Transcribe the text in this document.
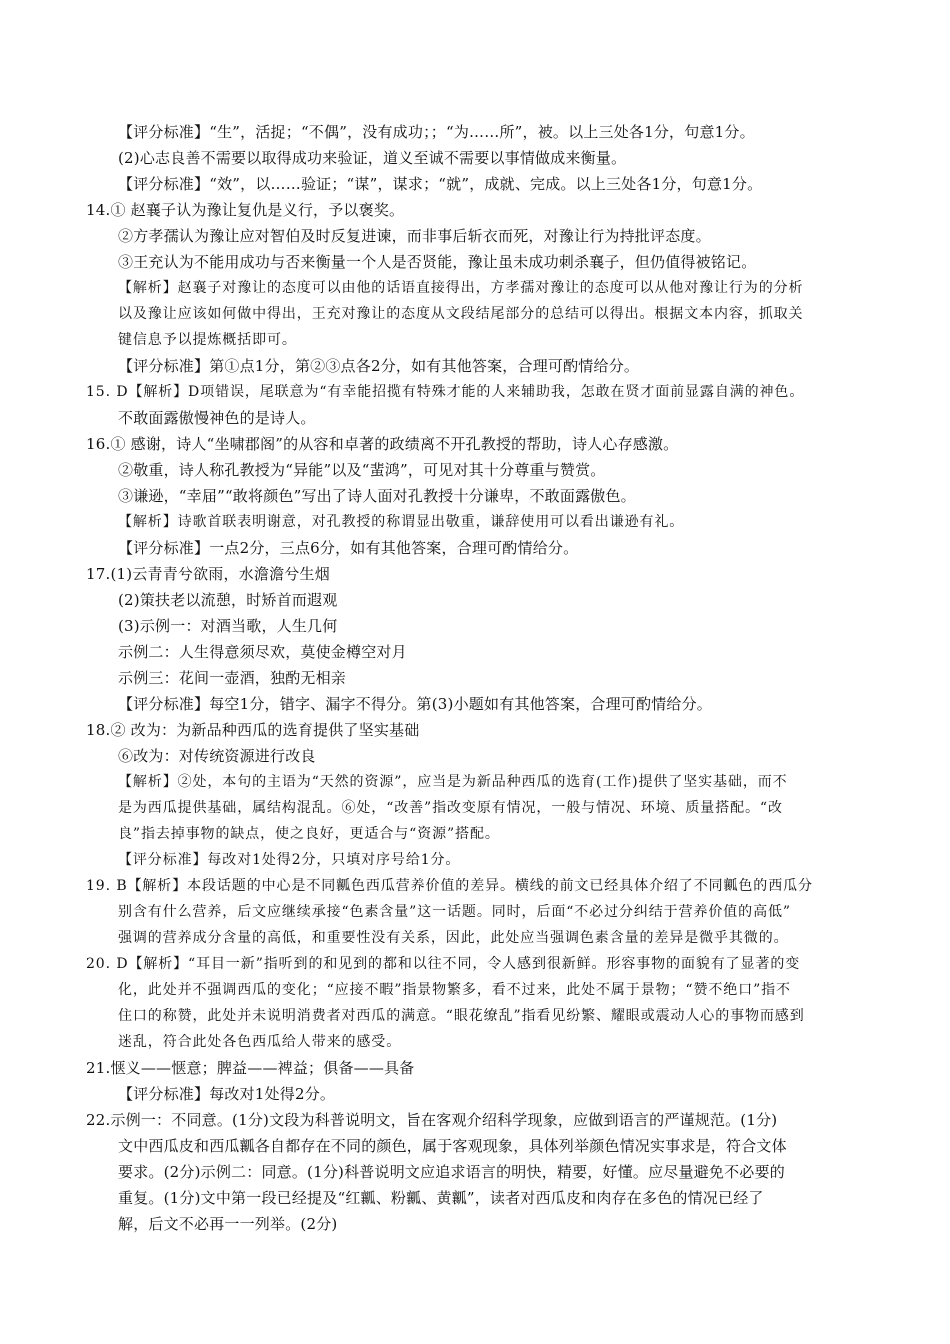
【评分标准】“生”，活捉；“不偶”，没有成功；；“为……所”，被。以上三处各1分，句意1分。
(2)心志良善不需要以取得成功来验证，道义至诚不需要以事情做成来衡量。
【评分标准】“效”，以……验证；“谋”，谋求；“就”，成就、完成。以上三处各1分，句意1分。
14.① 赵襄子认为豫让复仇是义行，予以褒奖。
②方孝孺认为豫让应对智伯及时反复进谏，而非事后斩衣而死，对豫让行为持批评态度。
③王充认为不能用成功与否来衡量一个人是否贤能，豫让虽未成功刺杀襄子，但仍值得被铭记。
【解析】赵襄子对豫让的态度可以由他的话语直接得出，方孝孺对豫让的态度可以从他对豫让行为的分析
以及豫让应该如何做中得出，王充对豫让的态度从文段结尾部分的总结可以得出。根据文本内容，抓取关
键信息予以提炼概括即可。
【评分标准】第①点1分，第②③点各2分，如有其他答案，合理可酌情给分。
15. D【解析】D项错误，尾联意为“有幸能招揽有特殊才能的人来辅助我，怎敢在贤才面前显露自满的神色。
不敢面露傲慢神色的是诗人。
16.① 感谢，诗人“坐啸郡阁”的从容和卓著的政绩离不开孔教授的帮助，诗人心存感激。
②敬重，诗人称孔教授为“异能”以及“蜚鸿”，可见对其十分尊重与赞赏。
③谦逊，“幸届”“敢将颜色”写出了诗人面对孔教授十分谦卑，不敢面露傲色。
【解析】诗歌首联表明谢意，对孔教授的称谓显出敬重，谦辞使用可以看出谦逊有礼。
【评分标准】一点2分，三点6分，如有其他答案，合理可酌情给分。
17.(1)云青青兮欲雨，水澹澹兮生烟
(2)策扶老以流憩，时矫首而遐观
(3)示例一：对酒当歌，人生几何
示例二：人生得意须尽欢，莫使金樽空对月
示例三：花间一壶酒，独酌无相亲
【评分标准】每空1分，错字、漏字不得分。第(3)小题如有其他答案，合理可酌情给分。
18.② 改为：为新品种西瓜的选育提供了坚实基础
⑥改为：对传统资源进行改良
【解析】②处，本句的主语为“天然的资源”，应当是为新品种西瓜的选育(工作)提供了坚实基础，而不
是为西瓜提供基础，属结构混乱。⑥处，“改善”指改变原有情况，一般与情况、环境、质量搭配。“改
良”指去掉事物的缺点，使之良好，更适合与“资源”搭配。
【评分标准】每改对1处得2分，只填对序号给1分。
19. B【解析】本段话题的中心是不同瓤色西瓜营养价值的差异。横线的前文已经具体介绍了不同瓤色的西瓜分
别含有什么营养，后文应继续承接“色素含量”这一话题。同时，后面“不必过分纠结于营养价值的高低”
强调的营养成分含量的高低，和重要性没有关系，因此，此处应当强调色素含量的差异是微乎其微的。
20. D【解析】“耳目一新”指听到的和见到的都和以往不同，令人感到很新鲜。形容事物的面貌有了显著的变
化，此处并不强调西瓜的变化；“应接不暇”指景物繁多，看不过来，此处不属于景物；“赞不绝口”指不
住口的称赞，此处并未说明消费者对西瓜的满意。“眼花缭乱”指看见纷繁、耀眼或震动人心的事物而感到
迷乱，符合此处各色西瓜给人带来的感受。
21.惬义——惬意；脾益——裨益；俱备——具备
【评分标准】每改对1处得2分。
22.示例一：不同意。(1分)文段为科普说明文，旨在客观介绍科学现象，应做到语言的严谨规范。(1分)
文中西瓜皮和西瓜瓤各自都存在不同的颜色，属于客观现象，具体列举颜色情况实事求是，符合文体
要求。(2分)示例二：同意。(1分)科普说明文应追求语言的明快，精要，好懂。应尽量避免不必要的
重复。(1分)文中第一段已经提及“红瓤、粉瓤、黄瓤”，读者对西瓜皮和肉存在多色的情况已经了
解，后文不必再一一列举。(2分)
